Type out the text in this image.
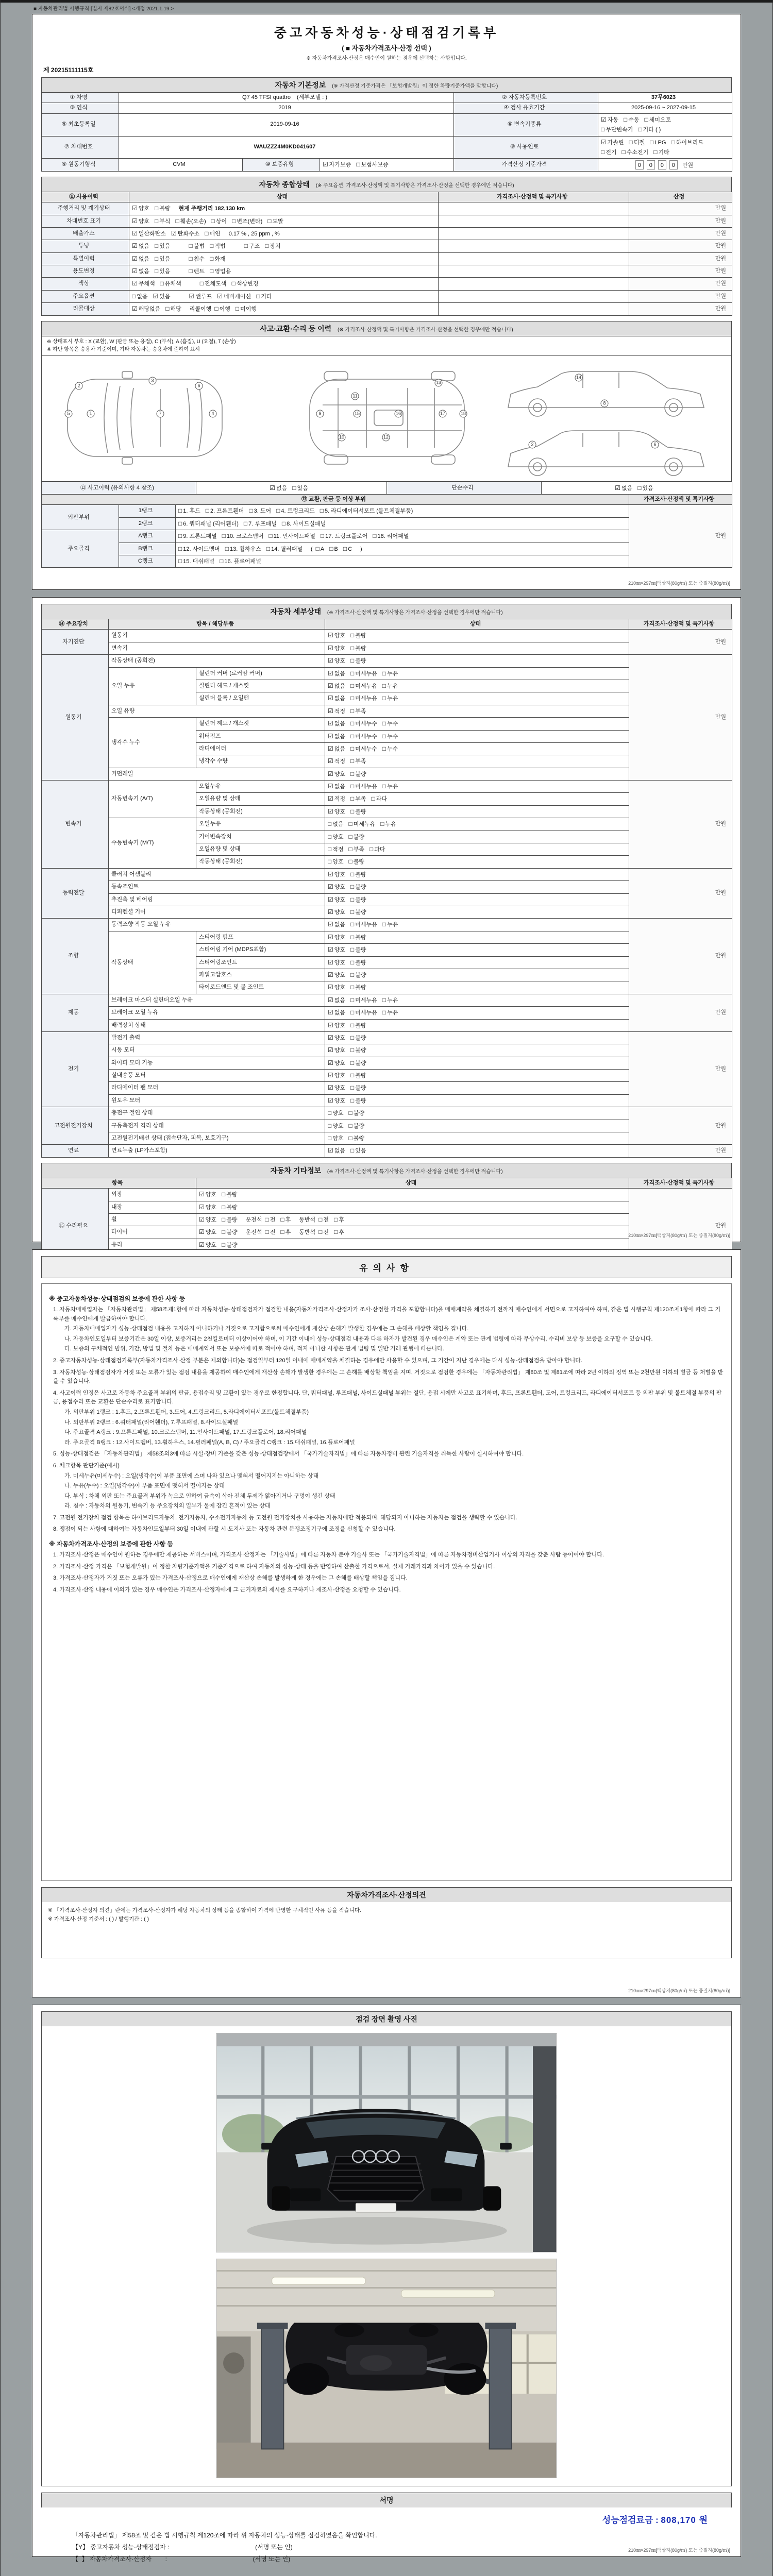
■ 자동차관리법 시행규칙 [별지 제82호서식] <개정 2021.1.19.>
중고자동차성능·상태점검기록부
( ■ 자동차가격조사·산정 선택 )
※ 자동차가격조사·산정은 매수인이 원하는 경우에 선택하는 사항입니다.
제 20215111115호
자동차 기본정보 (※ 가격산정 기준가격은 「보험개발원」이 정한 차량기준가액을 말합니다)
① 차명	Q7 45 TFSI quattro (세부모델 : )			② 자동차등록번호	37무6023
③ 연식	2019			④ 검사 유효기간	2025-09-16 ~ 2027-09-15
⑤ 최초등록일	2019-09-16			⑥ 변속기종류	☑ 자동 □ 수동 □ 세미오토
□ 무단변속기 □ 기타 ( )
⑦ 차대번호	WAUZZZ4M0KD041607			⑧ 사용연료	☑ 가솔린 □ 디젤 □ LPG □ 하이브리드
□ 전기 □ 수소전기 □ 기타
⑨ 원동기형식	CVM	⑩ 보증유형	☑ 자가보증 □ 보험사보증	가격산정 기준가격	0 0 0 0 만원
자동차 종합상태 (※ 주요옵션, 가격조사·산정액 및 특기사항은 가격조사·산정을 선택한 경우에만 적습니다)
⑪ 사용이력	상태	가격조사·산정액 및 특기사항	산정
주행거리 및 계기상태	☑ 양호 □ 불량 현재 주행거리 182,130 km		만원
차대번호 표기	☑ 양호 □ 부식 □ 훼손(오손) □ 상이 □ 변조(변타) □ 도말		만원
배출가스	☑ 일산화탄소 ☑ 탄화수소 □ 매연 0.17 % , 25 ppm , %		만원
튜닝	☑ 없음 □ 있음 □ 불법 □ 적법 □ 구조 □ 장치		만원
특별이력	☑ 없음 □ 있음 □ 침수 □ 화재		만원
용도변경	☑ 없음 □ 있음 □ 렌트 □ 영업용		만원
색상	☑ 무채색 □ 유채색 □ 전체도색 □ 색상변경		만원
주요옵션	□ 없음 ☑ 있음 ☑ 썬루프 ☑ 네비게이션 □ 기타		만원
리콜대상	☑ 해당없음 □ 해당 리콜이행 □ 이행 □ 미이행		만원
사고·교환·수리 등 이력 (※ 가격조사·산정액 및 특기사항은 가격조사·산정을 선택한 경우에만 적습니다)
※ 상태표시 부호 : X (교환), W (판금 또는 용접), C (부식), A (흠집), U (요철), T (손상)
※ 하단 항목은 승용차 기준이며, 기타 자동차는 승용차에 준하여 표시
5	1
2
3
7
6
4	9
10
11
15
12
13
16	17	18
14
8
2	6
⑫ 사고이력 (유의사항 4 참조)	☑ 없음 □ 있음	단순수리	☑ 없음 □ 있음
⑬ 교환, 판금 등 이상 부위			가격조사·산정액 및 특기사항
외판부위	1랭크	□ 1. 후드 □ 2. 프론트휀더 □ 3. 도어 □ 4. 트렁크리드 □ 5. 라디에이터서포트 (볼트체결부품)	만원
	2랭크	□ 6. 쿼터패널 (리어휀더) □ 7. 루프패널 □ 8. 사이드실패널	
주요골격	A랭크	□ 9. 프론트패널 □ 10. 크로스멤버 □ 11. 인사이드패널 □ 17. 트렁크플로어 □ 18. 리어패널	
	B랭크	□ 12. 사이드멤버 □ 13. 휠하우스 □ 14. 필러패널 ( □ A □ B □ C )	
	C랭크	□ 15. 대쉬패널 □ 16. 플로어패널	
210㎜×297㎜[백상지(80g/㎡) 또는 중질지(80g/㎡)]
자동차 세부상태 (※ 가격조사·산정액 및 특기사항은 가격조사·산정을 선택한 경우에만 적습니다)
⑭ 주요장치	항목 / 해당부품		상태	가격조사·산정액 및 특기사항
자기진단	원동기		☑ 양호 □ 불량	만원
	변속기		☑ 양호 □ 불량	
원동기	작동상태 (공회전)		☑ 양호 □ 불량	만원
	오일 누유	실린더 커버 (로커암 커버)	☑ 없음 □ 미세누유 □ 누유	
		실린더 헤드 / 개스킷	☑ 없음 □ 미세누유 □ 누유	
		실린더 블록 / 오일팬	☑ 없음 □ 미세누유 □ 누유	
	오일 유량		☑ 적정 □ 부족	
	냉각수 누수	실린더 헤드 / 개스킷	☑ 없음 □ 미세누수 □ 누수	
		워터펌프	☑ 없음 □ 미세누수 □ 누수	
		라디에이터	☑ 없음 □ 미세누수 □ 누수	
		냉각수 수량	☑ 적정 □ 부족	
	커먼레일		☑ 양호 □ 불량	
변속기	자동변속기 (A/T)	오일누유	☑ 없음 □ 미세누유 □ 누유	만원
		오일유량 및 상태	☑ 적정 □ 부족 □ 과다	
		작동상태 (공회전)	☑ 양호 □ 불량	
	수동변속기 (M/T)	오일누유	□ 없음 □ 미세누유 □ 누유	
		기어변속장치	□ 양호 □ 불량	
		오일유량 및 상태	□ 적정 □ 부족 □ 과다	
		작동상태 (공회전)	□ 양호 □ 불량	
동력전달	클러치 어셈블리		☑ 양호 □ 불량	만원
	등속조인트		☑ 양호 □ 불량	
	추진축 및 베어링		☑ 양호 □ 불량	
	디퍼렌셜 기어		☑ 양호 □ 불량	
조향	동력조향 작동 오일 누유		☑ 없음 □ 미세누유 □ 누유	만원
	작동상태	스티어링 펌프	☑ 양호 □ 불량	
		스티어링 기어 (MDPS포함)	☑ 양호 □ 불량	
		스티어링조인트	☑ 양호 □ 불량	
		파워고압호스	☑ 양호 □ 불량	
		타이로드엔드 및 볼 조인트	☑ 양호 □ 불량	
제동	브레이크 마스터 실린더오일 누유		☑ 없음 □ 미세누유 □ 누유	만원
	브레이크 오일 누유		☑ 없음 □ 미세누유 □ 누유	
	배력장치 상태		☑ 양호 □ 불량	
전기	발전기 출력		☑ 양호 □ 불량	만원
	시동 모터		☑ 양호 □ 불량	
	와이퍼 모터 기능		☑ 양호 □ 불량	
	실내송풍 모터		☑ 양호 □ 불량	
	라디에이터 팬 모터		☑ 양호 □ 불량	
	윈도우 모터		☑ 양호 □ 불량	
고전원전기장치	충전구 절연 상태		□ 양호 □ 불량	만원
	구동축전지 격리 상태		□ 양호 □ 불량	
	고전원전기배선 상태 (접속단자, 피복, 보호기구)		□ 양호 □ 불량	
연료	연료누출 (LP가스포함)		☑ 없음 □ 있음	만원
자동차 기타정보 (※ 가격조사·산정액 및 특기사항은 가격조사·산정을 선택한 경우에만 적습니다)
항목		상태	가격조사·산정액 및 특기사항
⑮ 수리필요	외장	☑ 양호 □ 불량	만원
	내장	☑ 양호 □ 불량	
	휠	☑ 양호 □ 불량 운전석 □ 전 □ 후 동반석 □ 전 □ 후	
	타이어	☑ 양호 □ 불량 운전석 □ 전 □ 후 동반석 □ 전 □ 후	
	유리	☑ 양호 □ 불량	

210㎜×297㎜[백상지(80g/㎡) 또는 중질지(80g/㎡)]
유의사항
※ 중고자동차성능·상태점검의 보증에 관한 사항 등
1. 자동차매매업자는 「자동차관리법」 제58조제1항에 따라 자동차성능·상태점검자가 점검한 내용(자동차가격조사·산정자가 조사·산정한 가격을 포함합니다)을 매매계약을 체결하기 전까지 매수인에게 서면으로 고지하여야 하며, 같은 법 시행규칙 제120조제1항에 따라 그 기록부를 매수인에게 발급하여야 합니다.
가. 자동차매매업자가 성능·상태점검 내용을 고지하지 아니하거나 거짓으로 고지함으로써 매수인에게 재산상 손해가 발생한 경우에는 그 손해를 배상할 책임을 집니다.
나. 자동차인도일부터 보증기간은 30일 이상, 보증거리는 2천킬로미터 이상이어야 하며, 이 기간 이내에 성능·상태점검 내용과 다른 하자가 발견된 경우 매수인은 계약 또는 관계 법령에 따라 무상수리, 수리비 보상 등 보증을 요구할 수 있습니다.
다. 보증의 구체적인 범위, 기간, 방법 및 절차 등은 매매계약서 또는 보증서에 따로 적어야 하며, 적지 아니한 사항은 관계 법령 및 일반 거래 관행에 따릅니다.
2. 중고자동차성능·상태점검기록부(자동차가격조사·산정 부분은 제외합니다)는 점검일부터 120일 이내에 매매계약을 체결하는 경우에만 사용할 수 있으며, 그 기간이 지난 경우에는 다시 성능·상태점검을 받아야 합니다.
3. 자동차성능·상태점검자가 거짓 또는 오류가 있는 점검 내용을 제공하여 매수인에게 재산상 손해가 발생한 경우에는 그 손해를 배상할 책임을 지며, 거짓으로 점검한 경우에는 「자동차관리법」 제80조 및 제81조에 따라 2년 이하의 징역 또는 2천만원 이하의 벌금 등 처벌을 받을 수 있습니다.
4. 사고이력 인정은 사고로 자동차 주요골격 부위의 판금, 용접수리 및 교환이 있는 경우로 한정합니다. 단, 쿼터패널, 루프패널, 사이드실패널 부위는 절단, 용접 시에만 사고로 표기하며, 후드, 프론트휀더, 도어, 트렁크리드, 라디에이터서포트 등 외판 부위 및 볼트체결 부품의 판금, 용접수리 또는 교환은 단순수리로 표기합니다.
가. 외판부위 1랭크 : 1.후드, 2.프론트휀더, 3.도어, 4.트렁크리드, 5.라디에이터서포트(볼트체결부품)
나. 외판부위 2랭크 : 6.쿼터패널(리어휀더), 7.루프패널, 8.사이드실패널
다. 주요골격 A랭크 : 9.프론트패널, 10.크로스멤버, 11.인사이드패널, 17.트렁크플로어, 18.리어패널
라. 주요골격 B랭크 : 12.사이드멤버, 13.휠하우스, 14.필러패널(A, B, C) / 주요골격 C랭크 : 15.대쉬패널, 16.플로어패널
5. 성능·상태점검은 「자동차관리법」 제58조의3에 따른 시설·장비 기준을 갖춘 성능·상태점검장에서 「국가기술자격법」에 따른 자동차정비 관련 기술자격을 취득한 사람이 실시하여야 합니다.
6. 체크항목 판단기준(예시)
가. 미세누유(미세누수) : 오일(냉각수)이 부품 표면에 스며 나와 있으나 맺혀서 떨어지지는 아니하는 상태
나. 누유(누수) : 오일(냉각수)이 부품 표면에 맺혀서 떨어지는 상태
다. 부식 : 차체 외판 또는 주요골격 부위가 녹으로 인하여 금속이 삭아 전체 두께가 얇아지거나 구멍이 생긴 상태
라. 침수 : 자동차의 원동기, 변속기 등 주요장치의 일부가 물에 잠긴 흔적이 있는 상태
7. 고전원 전기장치 점검 항목은 하이브리드자동차, 전기자동차, 수소전기자동차 등 고전원 전기장치를 사용하는 자동차에만 적용되며, 해당되지 아니하는 자동차는 점검을 생략할 수 있습니다.
8. 쟁점이 되는 사항에 대하여는 자동차인도일부터 30일 이내에 관할 시·도지사 또는 자동차 관련 분쟁조정기구에 조정을 신청할 수 있습니다.
※ 자동차가격조사·산정의 보증에 관한 사항 등
1. 가격조사·산정은 매수인이 원하는 경우에만 제공하는 서비스이며, 가격조사·산정자는 「기술사법」에 따른 자동차 분야 기술사 또는 「국가기술자격법」에 따른 자동차정비산업기사 이상의 자격을 갖춘 사람 등이어야 합니다.
2. 가격조사·산정 가격은 「보험개발원」이 정한 차량기준가액을 기준가격으로 하여 자동차의 성능·상태 등을 반영하여 산출한 가격으로서, 실제 거래가격과 차이가 있을 수 있습니다.
3. 가격조사·산정자가 거짓 또는 오류가 있는 가격조사·산정으로 매수인에게 재산상 손해를 발생하게 한 경우에는 그 손해를 배상할 책임을 집니다.
4. 가격조사·산정 내용에 이의가 있는 경우 매수인은 가격조사·산정자에게 그 근거자료의 제시를 요구하거나 재조사·산정을 요청할 수 있습니다.
자동차가격조사·산정의견
※ 「가격조사·산정자 의견」란에는 가격조사·산정자가 해당 자동차의 상태 등을 종합하여 가격에 반영한 구체적인 사유 등을 적습니다.
※ 가격조사·산정 기준서 : ( ) / 발행기관 : ( )
210㎜×297㎜[백상지(80g/㎡) 또는 중질지(80g/㎡)]
점검 장면 촬영 사진
서명
성능점검료금 : 808,170 원
「자동차관리법」 제58조 및 같은 법 시행규칙 제120조에 따라 위 자동차의 성능·상태를 점검하였음을 확인합니다.
【Y】 중고자동차 성능·상태점검자 :                                                  (서명 또는 인)
【  】 자동차가격조사·산정자        :                                                  (서명 또는 인)
210㎜×297㎜[백상지(80g/㎡) 또는 중질지(80g/㎡)]
